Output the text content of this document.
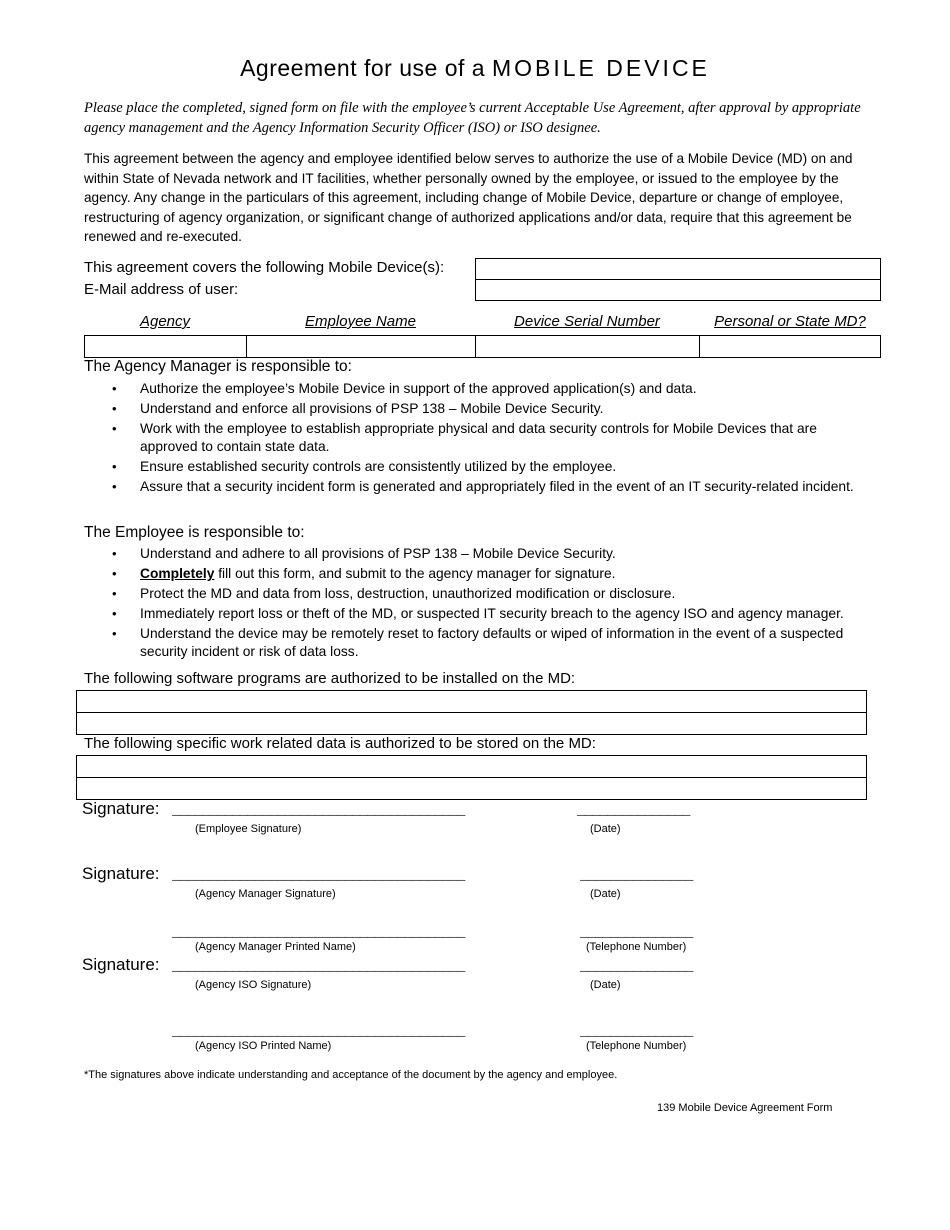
Agreement for use of a MOBILE DEVICE
Please place the completed, signed form on file with the employee’s current Acceptable Use Agreement, after approval by appropriate agency management and the Agency Information Security Officer (ISO) or ISO designee.
This agreement between the agency and employee identified below serves to authorize the use of a Mobile Device (MD) on and within State of Nevada network and IT facilities, whether personally owned by the employee, or issued to the employee by the agency. Any change in the particulars of this agreement, including change of Mobile Device, departure or change of employee, restructuring of agency organization, or significant change of authorized applications and/or data, require that this agreement be renewed and re-executed.
This agreement covers the following Mobile Device(s):
E-Mail address of user:
Agency	Employee Name	Device Serial Number	Personal or State MD?
The Agency Manager is responsible to:
• Authorize the employee’s Mobile Device in support of the approved application(s) and data.
• Understand and enforce all provisions of PSP 138 – Mobile Device Security.
• Work with the employee to establish appropriate physical and data security controls for Mobile Devices that are approved to contain state data.
• Ensure established security controls are consistently utilized by the employee.
• Assure that a security incident form is generated and appropriately filed in the event of an IT security-related incident.
The Employee is responsible to:
• Understand and adhere to all provisions of PSP 138 – Mobile Device Security.
• Completely fill out this form, and submit to the agency manager for signature.
• Protect the MD and data from loss, destruction, unauthorized modification or disclosure.
• Immediately report loss or theft of the MD, or suspected IT security breach to the agency ISO and agency manager.
• Understand the device may be remotely reset to factory defaults or wiped of information in the event of a suspected security incident or risk of data loss.
The following software programs are authorized to be installed on the MD:
The following specific work related data is authorized to be stored on the MD:
Signature: _______________________________________	_______________
(Employee Signature)	(Date)
Signature: _______________________________________	_______________
(Agency Manager Signature)	(Date)
_______________________________________	_______________
(Agency Manager Printed Name)	(Telephone Number)
Signature: _______________________________________	_______________
(Agency ISO Signature)	(Date)
_______________________________________	_______________
(Agency ISO Printed Name)	(Telephone Number)
*The signatures above indicate understanding and acceptance of the document by the agency and employee.
139 Mobile Device Agreement Form
